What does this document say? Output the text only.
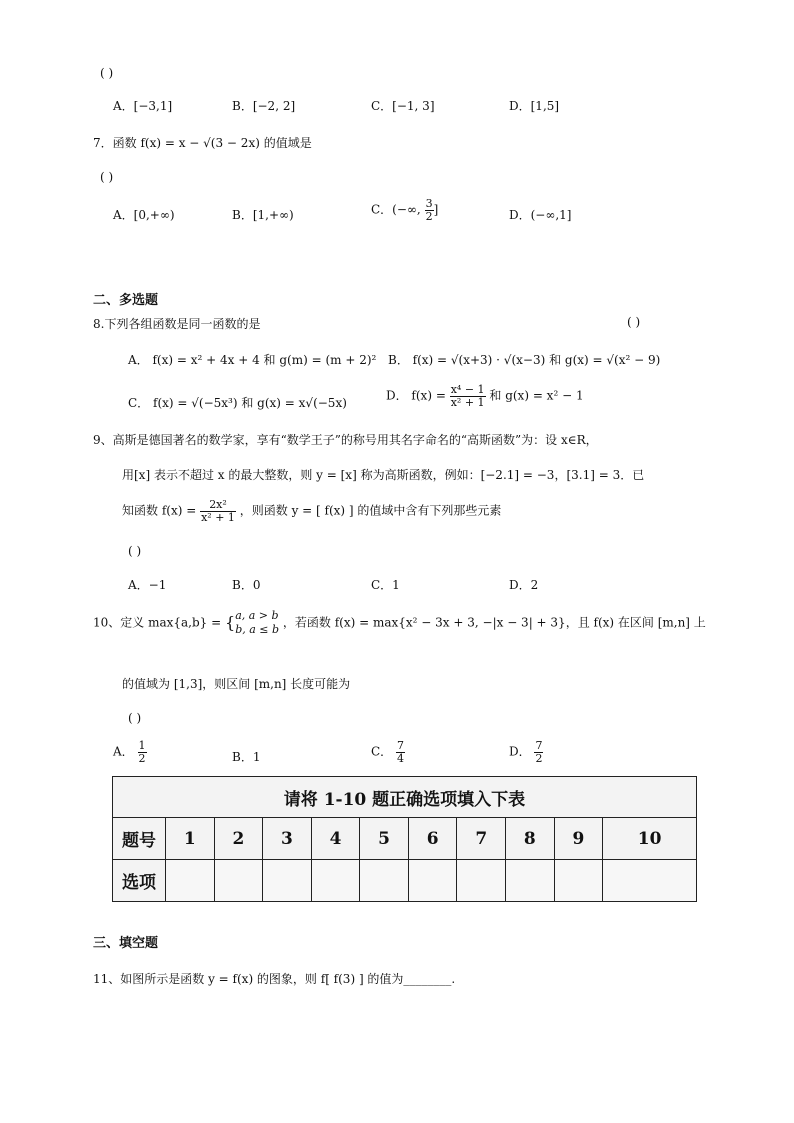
( )
A．[−3,1]	B．[−2, 2]	C．[−1, 3]	D．[1,5]
7．函数 f(x) = x − √(3 − 2x) 的值域是
( )
A．[0,+∞)	B．[1,+∞)	C．(−∞, $\frac{3}{2}$ ]	D．(−∞,1]
二、多选题
8.下列各组函数是同一函数的是	( )
A． f(x) = x² + 4x + 4 和 g(m) = (m + 2)² B． f(x) = √(x+3) · √(x−3) 和 g(x) = √(x² − 9)
C． f(x) = √(−5x³) 和 g(x) = x√(−5x)
D． $f(x) = \frac{\text{x⁴ − 1}}{\text{x² + 1}}$ 和 g(x) = x² − 1
9、高斯是德国著名的数学家，享有“数学王子”的称号用其名字命名的“高斯函数”为：设 x∈R，
用[x] 表示不超过 x 的最大整数，则 y = [x] 称为高斯函数，例如：[−2.1] = −3，[3.1] = 3．已
知函数 $f(x) = \frac{\text{2x²}}{\text{x² + 1}}$ ，则函数 y = [ f(x) ] 的值域中含有下列那些元素
( )
A．−1	B．0	C．1	D．2
10、定义 max{a,b} = { a, a > b
b, a ≤ b ，若函数 f(x) = max{x² − 3x + 3, −|x − 3| + 3}，且 f(x) 在区间 [m,n] 上
的值域为 [1,3]，则区间 [m,n] 长度可能为
( )
A． $\frac{1}{2}$	B．1	C． $\frac{7}{4}$	D． $\frac{7}{2}$
请将 1-10 题正确选项填入下表										
题号	1	2	3	4	5	6	7	8	9	10
选项										
三、填空题
11、如图所示是函数 y = f(x) 的图象，则 f[ f(3) ] 的值为________.
